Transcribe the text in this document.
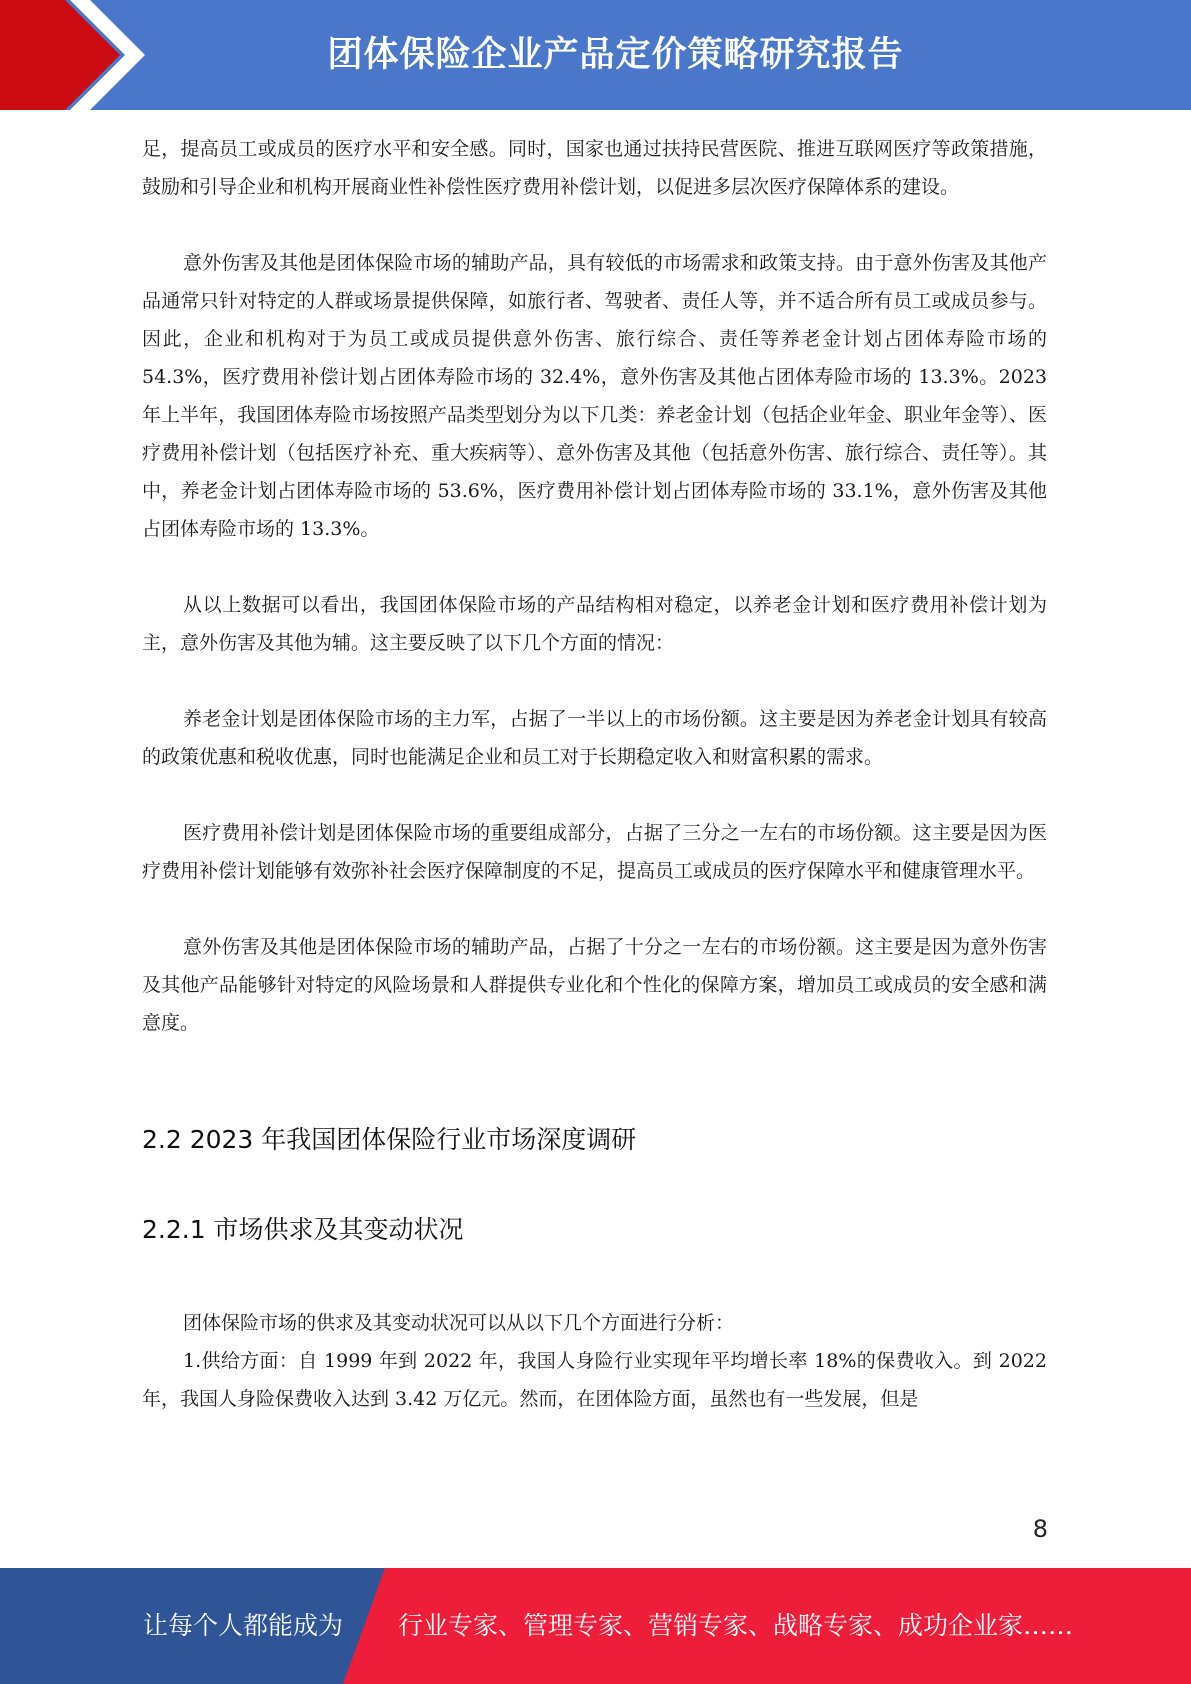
团体保险企业产品定价策略研究报告

足，提高员工或成员的医疗水平和安全感。同时，国家也通过扶持民营医院、推进互联网医疗等政策措施，鼓励和引导企业和机构开展商业性补偿性医疗费用补偿计划，以促进多层次医疗保障体系的建设。

意外伤害及其他是团体保险市场的辅助产品，具有较低的市场需求和政策支持。由于意外伤害及其他产品通常只针对特定的人群或场景提供保障，如旅行者、驾驶者、责任人等，并不适合所有员工或成员参与。因此，企业和机构对于为员工或成员提供意外伤害、旅行综合、责任等养老金计划占团体寿险市场的 54.3%，医疗费用补偿计划占团体寿险市场的 32.4%，意外伤害及其他占团体寿险市场的 13.3%。2023 年上半年，我国团体寿险市场按照产品类型划分为以下几类：养老金计划（包括企业年金、职业年金等）、医疗费用补偿计划（包括医疗补充、重大疾病等）、意外伤害及其他（包括意外伤害、旅行综合、责任等）。其中，养老金计划占团体寿险市场的 53.6%，医疗费用补偿计划占团体寿险市场的 33.1%，意外伤害及其他占团体寿险市场的 13.3%。

从以上数据可以看出，我国团体保险市场的产品结构相对稳定，以养老金计划和医疗费用补偿计划为主，意外伤害及其他为辅。这主要反映了以下几个方面的情况：

养老金计划是团体保险市场的主力军，占据了一半以上的市场份额。这主要是因为养老金计划具有较高的政策优惠和税收优惠，同时也能满足企业和员工对于长期稳定收入和财富积累的需求。

医疗费用补偿计划是团体保险市场的重要组成部分，占据了三分之一左右的市场份额。这主要是因为医疗费用补偿计划能够有效弥补社会医疗保障制度的不足，提高员工或成员的医疗保障水平和健康管理水平。

意外伤害及其他是团体保险市场的辅助产品，占据了十分之一左右的市场份额。这主要是因为意外伤害及其他产品能够针对特定的风险场景和人群提供专业化和个性化的保障方案，增加员工或成员的安全感和满意度。

2.2 2023 年我国团体保险行业市场深度调研
2.2.1 市场供求及其变动状况

团体保险市场的供求及其变动状况可以从以下几个方面进行分析：

1.供给方面：自 1999 年到 2022 年，我国人身险行业实现年平均增长率 18%的保费收入。到 2022 年，我国人身险保费收入达到 3.42 万亿元。然而，在团体险方面，虽然也有一些发展，但是

8
让每个人都能成为 行业专家、管理专家、营销专家、战略专家、成功企业家……
